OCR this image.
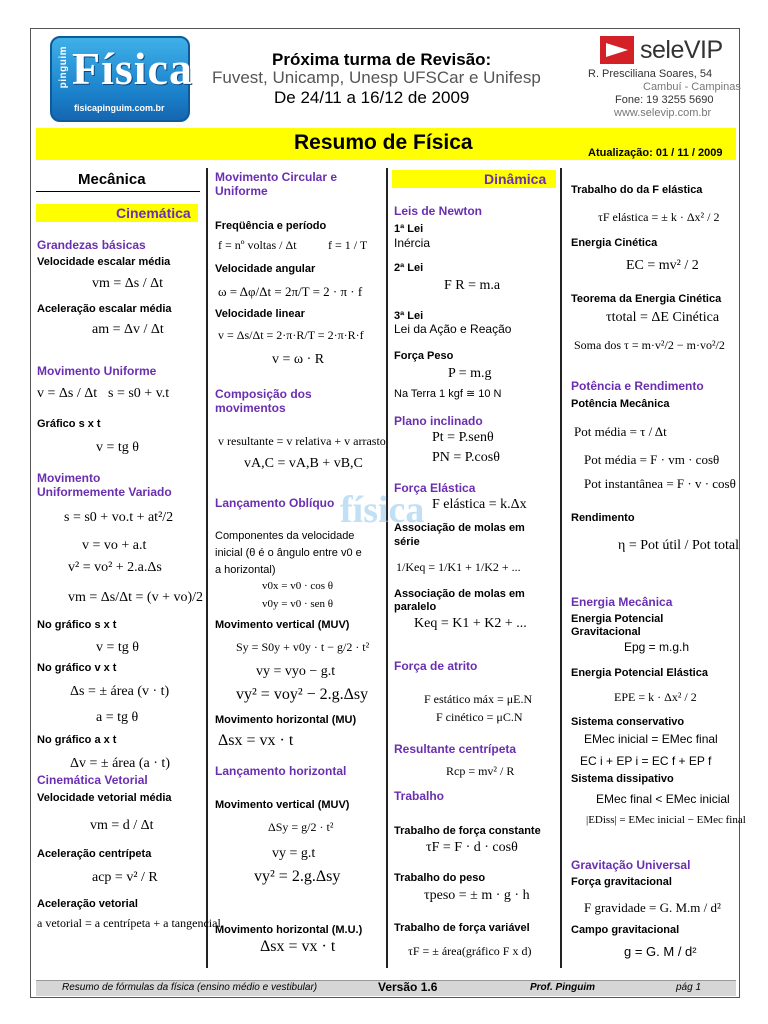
pinguim Física
fisicapinguim.com.br
Próxima turma de Revisão:
Fuvest, Unicamp, Unesp UFSCar e Unifesp
De 24/11 a 16/12 de 2009
seleVIP
R. Presciliana Soares, 54
Cambuí - Campinas
Fone: 19 3255 5690
www.selevip.com.br
Resumo de Física	Atualização: 01 / 11 / 2009
física
Mecânica
Cinemática
Grandezas básicas
Velocidade escalar média
vm = Δs / Δt
Aceleração escalar média
am = Δv / Δt
Movimento Uniforme
v = Δs / Δt s = s0 + v.t
Gráfico s x t
v = tg θ
Movimento
Uniformemente Variado
s = s0 + vo.t + at²/2
v = vo + a.t
v² = vo² + 2.a.Δs
vm = Δs/Δt = (v + vo)/2
No gráfico s x t
v = tg θ
No gráfico v x t
Δs = ± área (v · t)
a = tg θ
No gráfico a x t
Δv = ± área (a · t)
Cinemática Vetorial
Velocidade vetorial média
vm = d / Δt
Aceleração centrípeta
acp = v² / R
Aceleração vetorial
a vetorial = a centrípeta + a tangencial
Movimento Circular e
Uniforme
Freqüência e período
f = nº voltas / Δt	f = 1 / T
Velocidade angular
ω = Δφ/Δt = 2π/T = 2 · π · f
Velocidade linear
v = Δs/Δt = 2·π·R/T = 2·π·R·f
v = ω · R
Composição dos
movimentos
v resultante = v relativa + v arrasto
vA,C = vA,B + vB,C
Lançamento Oblíquo
Componentes da velocidade
inicial (θ é o ângulo entre v0 e
a horizontal)
v0x = v0 · cos θ
v0y = v0 · sen θ
Movimento vertical (MUV)
Sy = S0y + v0y · t − g/2 · t²
vy = vyo − g.t
vy² = voy² − 2.g.Δsy
Movimento horizontal (MU)
Δsx = vx · t
Lançamento horizontal
Movimento vertical (MUV)
ΔSy = g/2 · t²
vy = g.t
vy² = 2.g.Δsy
Movimento horizontal (M.U.)
Δsx = vx · t
Dinâmica
Leis de Newton
1ª Lei
Inércia
2ª Lei
F R = m.a
3ª Lei
Lei da Ação e Reação
Força Peso
P = m.g
Na Terra 1 kgf ≅ 10 N
Plano inclinado
Pt = P.senθ
PN = P.cosθ
Força Elástica
F elástica = k.Δx
Associação de molas em
série
1/Keq = 1/K1 + 1/K2 + ...
Associação de molas em
paralelo
Keq = K1 + K2 + ...
Força de atrito
F estático máx = μE.N
F cinético = μC.N
Resultante centrípeta
Rcp = mv² / R
Trabalho
Trabalho de força constante
τF = F · d · cosθ
Trabalho do peso
τpeso = ± m · g · h
Trabalho de força variável
τF = ± área(gráfico F x d)
Trabalho do da F elástica
τF elástica = ± k · Δx² / 2
Energia Cinética
EC = mv² / 2
Teorema da Energia Cinética
τtotal = ΔE Cinética
Soma dos τ = m·v²/2 − m·vo²/2
Potência e Rendimento
Potência Mecânica
Pot média = τ / Δt
Pot média = F · vm · cosθ
Pot instantânea = F · v · cosθ
Rendimento
η = Pot útil / Pot total
Energia Mecânica
Energia Potencial
Gravitacional
Epg = m.g.h
Energia Potencial Elástica
EPE = k · Δx² / 2
Sistema conservativo
EMec inicial = EMec final
EC i + EP i = EC f + EP f
Sistema dissipativo
EMec final < EMec inicial
|EDiss| = EMec inicial − EMec final
Gravitação Universal
Força gravitacional
F gravidade = G. M.m / d²
Campo gravitacional
g = G. M / d²
Resumo de fórmulas da física (ensino médio e vestibular)	Versão 1.6	Prof. Pinguim	pág 1
